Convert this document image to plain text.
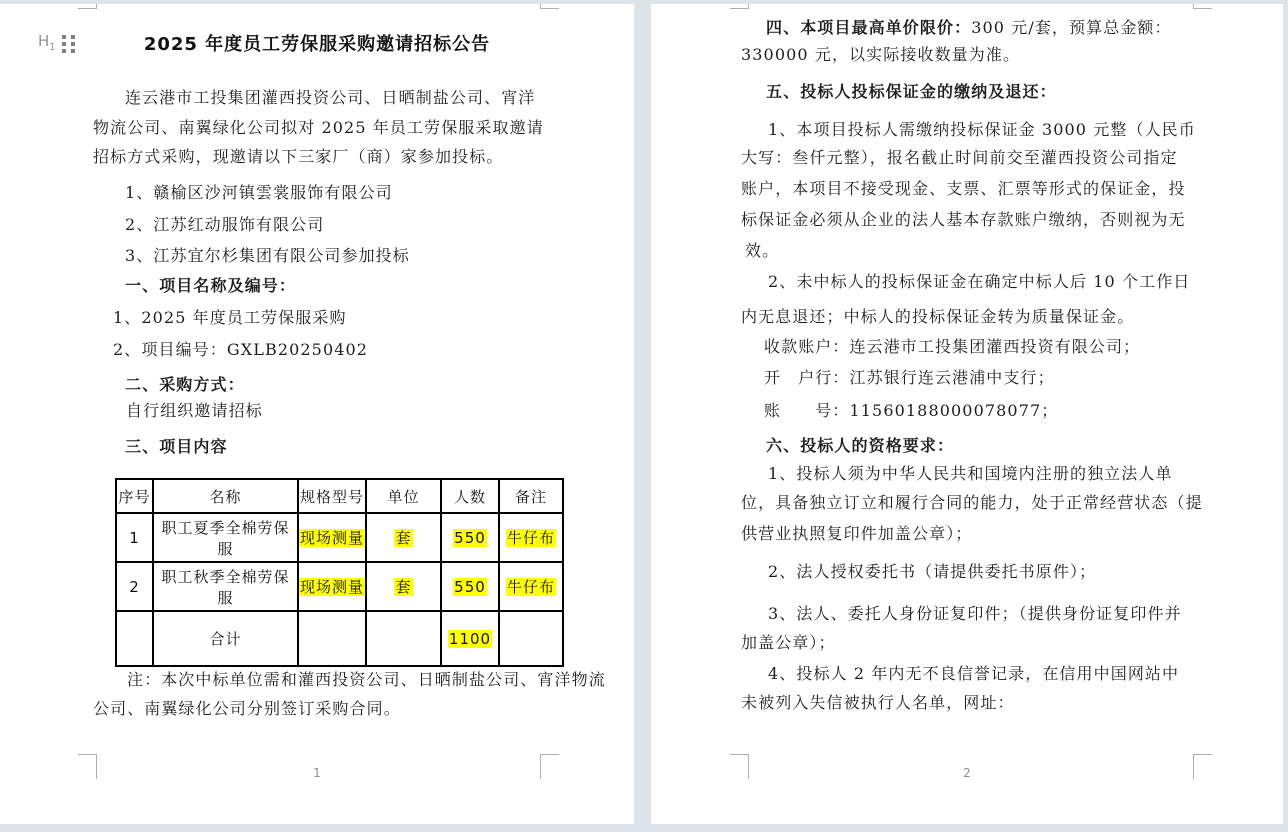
$H_1$	2025 年度员工劳保服采购邀请招标公告
连云港市工投集团灌西投资公司、日晒制盐公司、宵洋
物流公司、南翼绿化公司拟对 2025 年员工劳保服采取邀请
招标方式采购，现邀请以下三家厂（商）家参加投标。
1、赣榆区沙河镇雲裳服饰有限公司
2、江苏红动服饰有限公司
3、江苏宜尔杉集团有限公司参加投标
一、项目名称及编号：
1、2025 年度员工劳保服采购
2、项目编号：GXLB20250402
二、采购方式：
自行组织邀请招标
三、项目内容
序号	名称	规格型号	单位	人数	备注
1	职工夏季全棉劳保服	现场测量	套	550	牛仔布
2	职工秋季全棉劳保服	现场测量	套	550	牛仔布
	合计			1100	
注：本次中标单位需和灌西投资公司、日晒制盐公司、宵洋物流
公司、南翼绿化公司分别签订采购合同。
1
四、本项目最高单价限价：300 元/套，预算总金额：
330000 元，以实际接收数量为准。
五、投标人投标保证金的缴纳及退还：
1、本项目投标人需缴纳投标保证金 3000 元整（人民币
大写：叁仟元整），报名截止时间前交至灌西投资公司指定
账户，本项目不接受现金、支票、汇票等形式的保证金，投
标保证金必须从企业的法人基本存款账户缴纳，否则视为无
效。
2、未中标人的投标保证金在确定中标人后 10 个工作日
内无息退还；中标人的投标保证金转为质量保证金。
收款账户：连云港市工投集团灌西投资有限公司；
开　户行：江苏银行连云港浦中支行；
账　　号：11560188000078077；
六、投标人的资格要求：
1、投标人须为中华人民共和国境内注册的独立法人单
位，具备独立订立和履行合同的能力，处于正常经营状态（提
供营业执照复印件加盖公章）；
2、法人授权委托书（请提供委托书原件）；
3、法人、委托人身份证复印件；（提供身份证复印件并
加盖公章）；
4、投标人 2 年内无不良信誉记录，在信用中国网站中
未被列入失信被执行人名单，网址：
2
